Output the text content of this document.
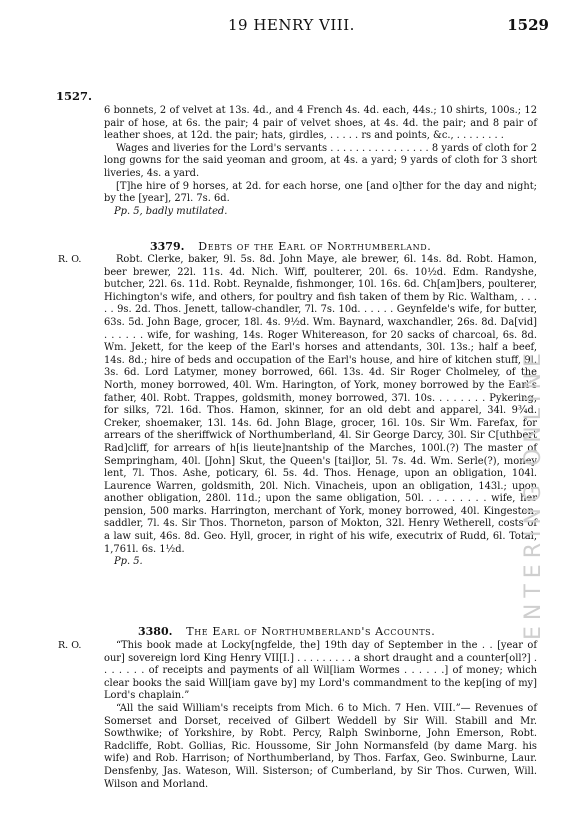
19 HENRY VIII.	1529
1527.

6 bonnets, 2 of velvet at 13s. 4d., and 4 French 4s. 4d. each, 44s.; 10 shirts, 100s.; 12 pair of hose, at 6s. the pair; 4 pair of velvet shoes, at 4s. 4d. the pair; and 8 pair of leather shoes, at 12d. the pair; hats, girdles, . . . . . rs and points, &c., . . . . . . . .

Wages and liveries for the Lord's servants . . . . . . . . . . . . . . . . 8 yards of cloth for 2 long gowns for the said yeoman and groom, at 4s. a yard; 9 yards of cloth for 3 short liveries, 4s. a yard.

[T]he hire of 9 horses, at 2d. for each horse, one [and o]ther for the day and night; by the [year], 27l. 7s. 6d.

Pp. 5, badly mutilated.

3379. Debts of the Earl of Northumberland.
R. O.	Robt. Clerke, baker, 9l. 5s. 8d. John Maye, ale brewer, 6l. 14s. 8d. Robt. Hamon, beer brewer, 22l. 11s. 4d. Nich. Wiff, poulterer, 20l. 6s. 10½d. Edm. Randyshe, butcher, 22l. 6s. 11d. Robt. Reynalde, fishmonger, 10l. 16s. 6d. Ch[am]bers, poulterer, Hichington's wife, and others, for poultry and fish taken of them by Ric. Waltham, . . . . . 9s. 2d. Thos. Jenett, tallow-chandler, 7l. 7s. 10d. . . . . . Geynfelde's wife, for butter, 63s. 5d. John Bage, grocer, 18l. 4s. 9½d. Wm. Baynard, waxchandler, 26s. 8d. Da[vid] . . . . . . wife, for washing, 14s. Roger Whitereason, for 20 sacks of charcoal, 6s. 8d. Wm. Jekett, for the keep of the Earl's horses and attendants, 30l. 13s.; half a beef, 14s. 8d.; hire of beds and occupation of the Earl's house, and hire of kitchen stuff, 9l. 3s. 6d. Lord Latymer, money borrowed, 66l. 13s. 4d. Sir Roger Cholmeley, of the North, money borrowed, 40l. Wm. Harington, of York, money borrowed by the Earl's father, 40l. Robt. Trappes, goldsmith, money borrowed, 37l. 10s. . . . . . . . Pykering, for silks, 72l. 16d. Thos. Hamon, skinner, for an old debt and apparel, 34l. 9¾d. Creker, shoemaker, 13l. 14s. 6d. John Blage, grocer, 16l. 10s. Sir Wm. Farefax, for arrears of the sheriffwick of Northumberland, 4l. Sir George Darcy, 30l. Sir C[uthbert Rad]cliff, for arrears of h[is lieute]nantship of the Marches, 100l.(?) The master of Sempringham, 40l. [John] Skut, the Queen's [tai]lor, 5l. 7s. 4d. Wm. Serle(?), money lent, 7l. Thos. Ashe, poticary, 6l. 5s. 4d. Thos. Henage, upon an obligation, 104l. Laurence Warren, goldsmith, 20l. Nich. Vinacheis, upon an obligation, 143l.; upon another obligation, 280l. 11d.; upon the same obligation, 50l. . . . . . . . . wife, her pension, 500 marks. Harrington, merchant of York, money borrowed, 40l. Kingeston, saddler, 7l. 4s. Sir Thos. Thorneton, parson of Mokton, 32l. Henry Wetherell, costs of a law suit, 46s. 8d. Geo. Hyll, grocer, in right of his wife, executrix of Rudd, 6l. Total, 1,761l. 6s. 1½d.

Pp. 5.

3380. The Earl of Northumberland's Accounts.
R. O.	“This book made at Locky[ngfelde, the] 19th day of September in the . . [year of our] sovereign lord King Henry VII[I.] . . . . . . . . . a short draught and a counter[oll?] . . . . . . . of receipts and payments of all Wil[liam Wormes . . . . . .] of money; which clear books the said Will[iam gave by] my Lord's commandment to the kep[ing of my] Lord's chaplain.”

“All the said William's receipts from Mich. 6 to Mich. 7 Hen. VIII.”— Revenues of Somerset and Dorset, received of Gilbert Weddell by Sir Will. Stabill and Mr. Sowthwike; of Yorkshire, by Robt. Percy, Ralph Swinborne, John Emerson, Robt. Radcliffe, Robt. Gollias, Ric. Houssome, Sir John Normansfeld (by dame Marg. his wife) and Rob. Harrison; of Northumberland, by Thos. Farfax, Geo. Swinburne, Laur. Densfenby, Jas. Wateson, Will. Sisterson; of Cumberland, by Sir Thos. Curwen, Will. Wilson and Morland.

ENTERING ONLINE
